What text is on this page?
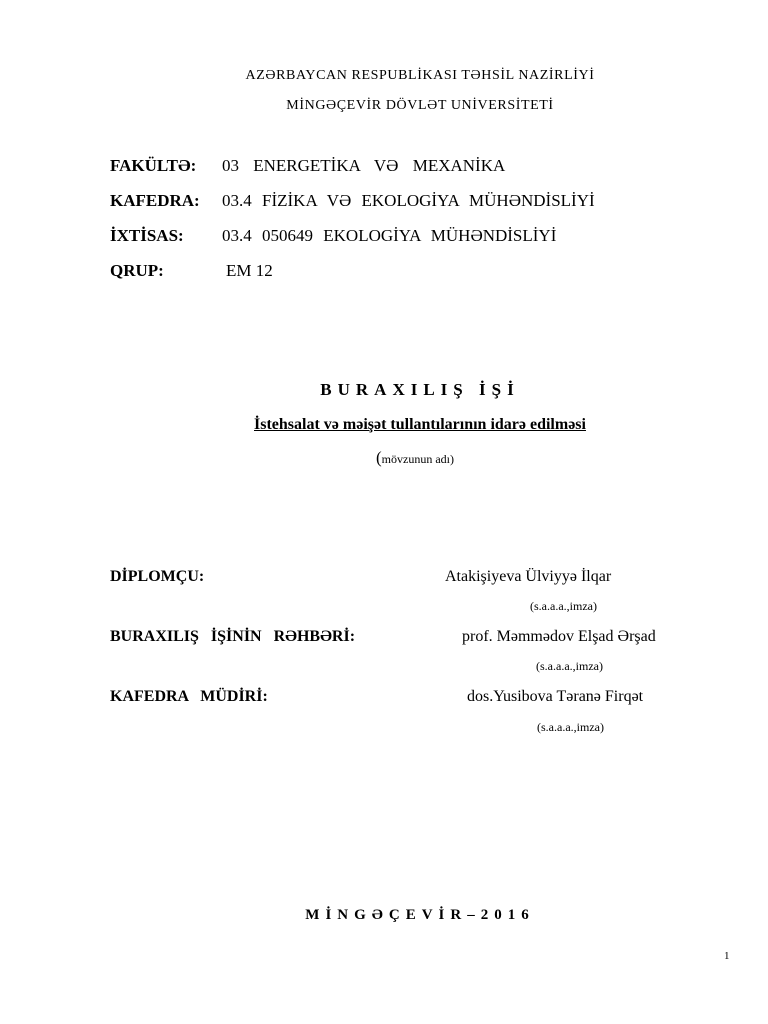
AZƏRBAYCAN RESPUBLİKASI TƏHSİL NAZİRLİYİ
MİNGƏÇEVİR DÖVLƏT UNİVERSİTETİ
FAKÜLTƏ: 03 ENERGETİKA VƏ MEXANİKA
KAFEDRA: 03.4 FİZİKA VƏ EKOLOGİYA MÜHƏNDİSLİYİ
İXTİSAS: 03.4 050649 EKOLOGİYA MÜHƏNDİSLİYİ
QRUP:	EM 12
BURAXILIŞ İŞİ
İstehsalat və məişət tullantılarının idarə edilməsi
(mövzunun adı)
DİPLOMÇU:	Atakişiyeva Ülviyyə İlqar
(s.a.a.a.,imza)
BURAXILIŞ İŞİNİN RƏHBƏRİ:	prof. Məmmədov Elşad Ərşad
(s.a.a.a.,imza)
KAFEDRA MÜDİRİ:	dos.Yusibova Təranə Firqət
(s.a.a.a.,imza)
MİNGƏÇEVİR–2016
1
